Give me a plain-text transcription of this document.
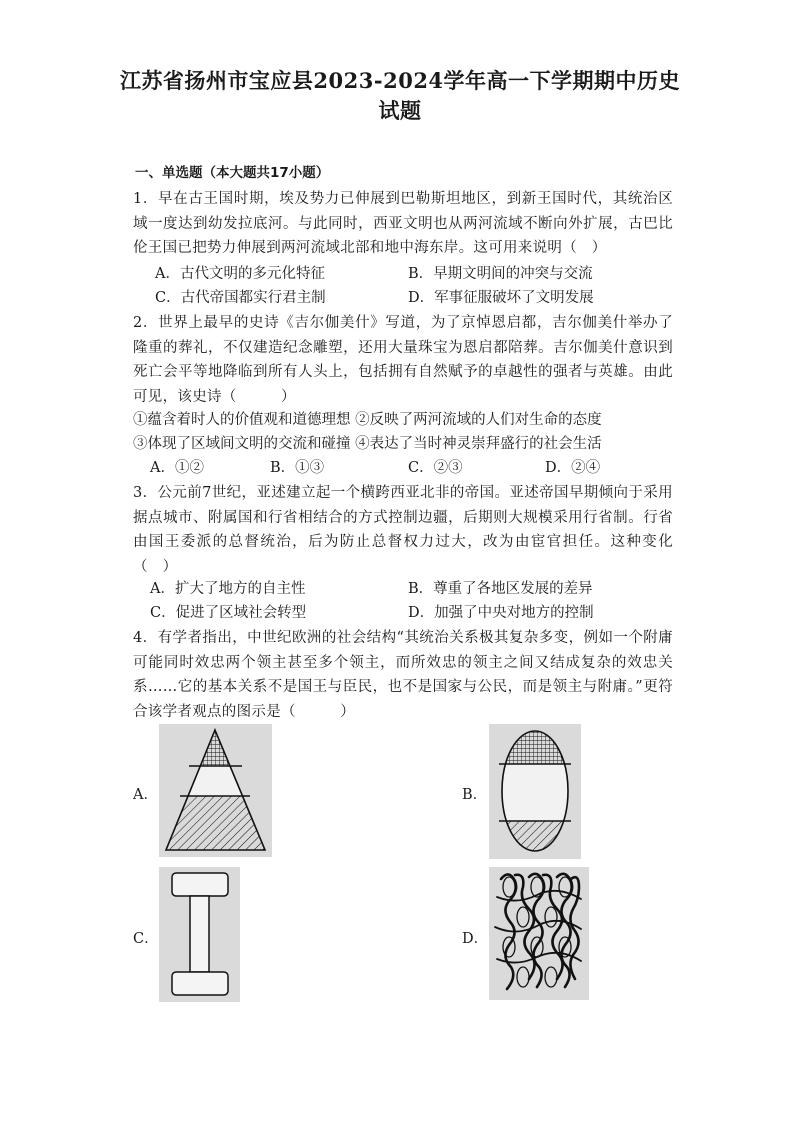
江苏省扬州市宝应县2023-2024学年高一下学期期中历史
试题
一、单选题（本大题共17小题）
1．早在古王国时期，埃及势力已伸展到巴勒斯坦地区，到新王国时代，其统治区域一度达到幼发拉底河。与此同时，西亚文明也从两河流域不断向外扩展，古巴比伦王国已把势力伸展到两河流域北部和地中海东岸。这可用来说明（　）
A．古代文明的多元化特征	B．早期文明间的冲突与交流
C．古代帝国都实行君主制	D．军事征服破坏了文明发展
2．世界上最早的史诗《吉尔伽美什》写道，为了京悼恩启都，吉尔伽美什举办了隆重的葬礼，不仅建造纪念雕塑，还用大量珠宝为恩启都陪葬。吉尔伽美什意识到死亡会平等地降临到所有人头上，包括拥有自然赋予的卓越性的强者与英雄。由此可见，该史诗（　　　）
①蕴含着时人的价值观和道德理想 ②反映了两河流域的人们对生命的态度
③体现了区域间文明的交流和碰撞 ④表达了当时神灵崇拜盛行的社会生活
A．①②	B．①③	C．②③	D．②④
3．公元前7世纪，亚述建立起一个横跨西亚北非的帝国。亚述帝国早期倾向于采用据点城市、附属国和行省相结合的方式控制边疆，后期则大规模采用行省制。行省由国王委派的总督统治，后为防止总督权力过大，改为由宦官担任。这种变化（　）
A．扩大了地方的自主性	B．尊重了各地区发展的差异
C．促进了区域社会转型	D．加强了中央对地方的控制
4．有学者指出，中世纪欧洲的社会结构“其统治关系极其复杂多变，例如一个附庸可能同时效忠两个领主甚至多个领主，而所效忠的领主之间又结成复杂的效忠关系……它的基本关系不是国王与臣民，也不是国家与公民，而是领主与附庸。”更符合该学者观点的图示是（　　　）
A．	B．
C．	D．
